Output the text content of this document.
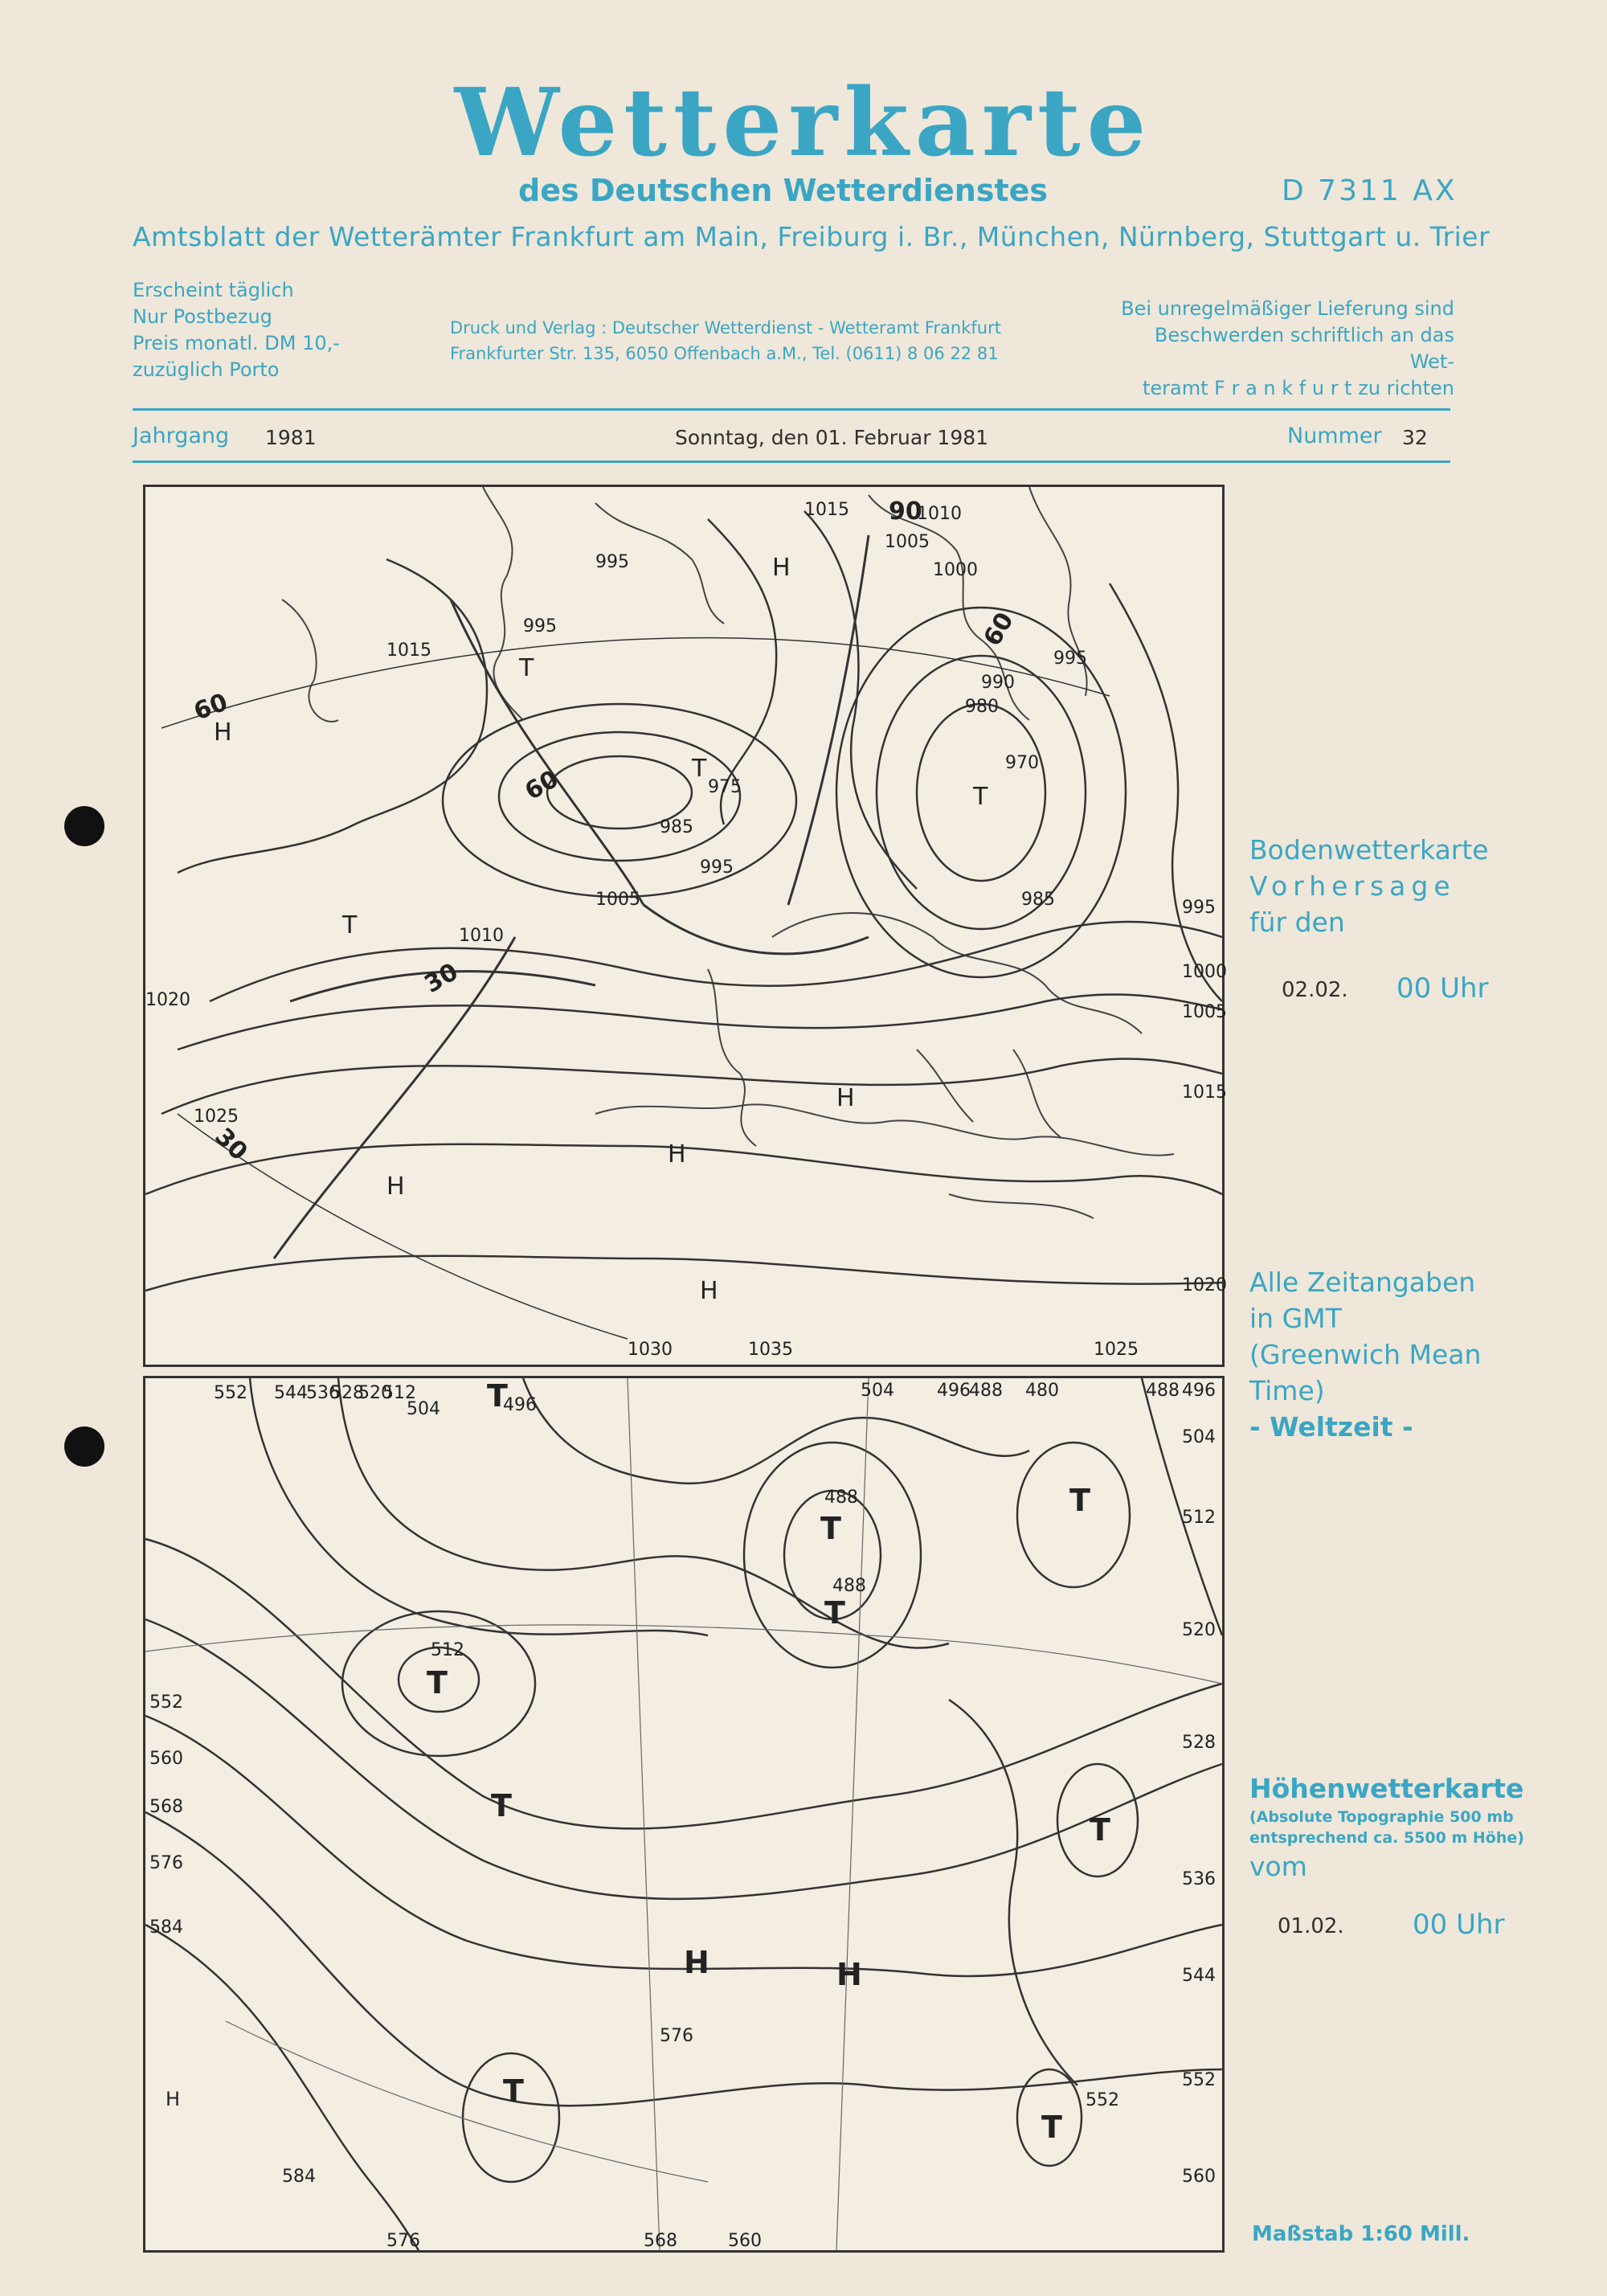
Wetterkarte
des Deutschen Wetterdienstes	D 7311 AX
Amtsblatt der Wetterämter Frankfurt am Main, Freiburg i. Br., München, Nürnberg, Stuttgart u. Trier
Erscheint täglich
Nur Postbezug
Preis monatl. DM 10,-
zuzüglich Porto
Druck und Verlag : Deutscher Wetterdienst - Wetteramt Frankfurt
Frankfurter Str. 135, 6050 Offenbach a.M., Tel. (0611) 8 06 22 81
Bei unregelmäßiger Lieferung sind
Beschwerden schriftlich an das Wet-
teramt F r a n k f u r t zu richten
Jahrgang 1981	Sonntag, den 01. Februar 1981	Nummer 32
975
985
995
1005
1010
1020
1025
1030	1035
970
980
990
985	995
1000
1005
1015
1020
1025
1015
1010
1005
1000
995
995
1015
995
T
T
T
T
H
H
H
H
H
H
60
60
30
30
90
60
552 544
536
528
520
512
504	496
504 496
488 480	488 496
504
512
520
528
536
544
552
560
552
560
568
576
584
512
488
488
576
584
576	568	560
552
T
T
T
T
T
T
T
T
T
H
H
H
Bodenwetterkarte
Vorhersage
für den
02.02. 00 Uhr
Alle Zeitangaben
in GMT
(Greenwich Mean
Time)
- Weltzeit -
Höhenwetterkarte
(Absolute Topographie 500 mb
entsprechend ca. 5500 m Höhe)
vom
01.02.	00 Uhr
Maßstab 1:60 Mill.
